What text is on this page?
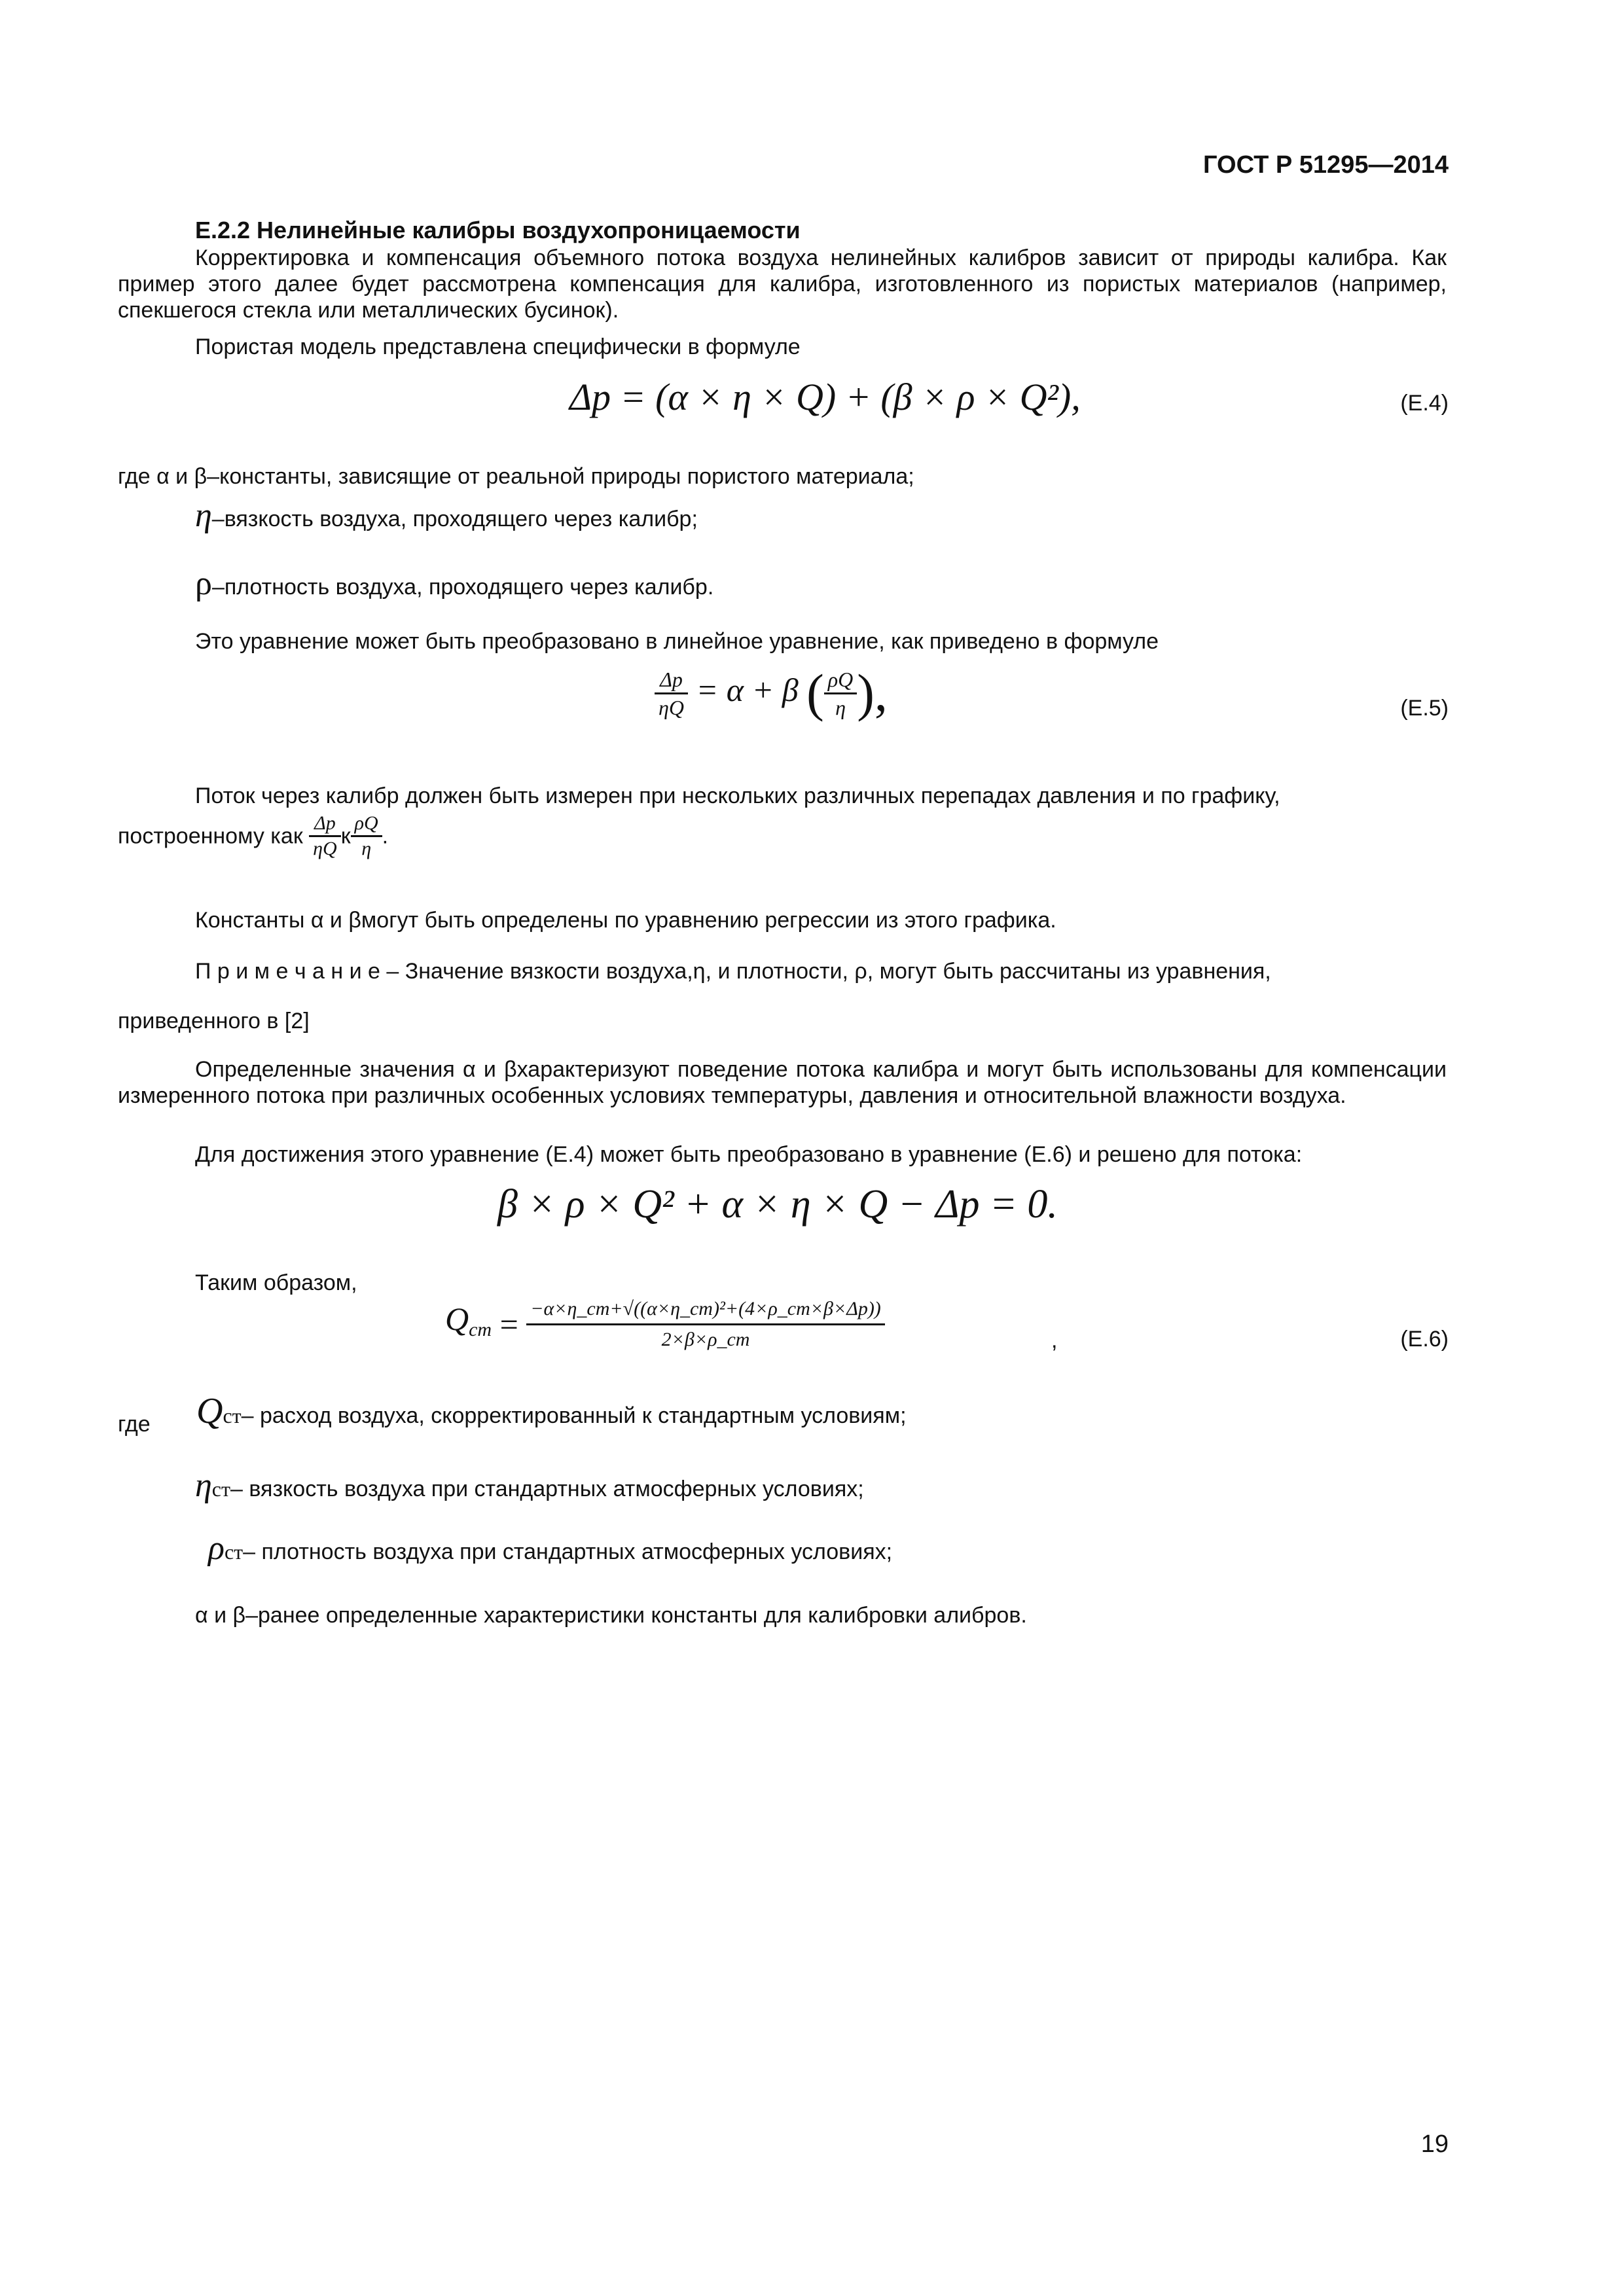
ГОСТ Р 51295—2014
Е.2.2 Нелинейные калибры воздухопроницаемости
Корректировка и компенсация объемного потока воздуха нелинейных калибров зависит от природы калибра. Как пример этого далее будет рассмотрена компенсация для калибра, изготовленного из пористых материалов (например, спекшегося стекла или металлических бусинок).
Пористая модель представлена специфически в формуле
Δp = (α × η × Q) + (β × ρ × Q²),	(Е.4)
где α и β–константы, зависящие от реальной природы пористого материала;
η–вязкость воздуха, проходящего через калибр;
ρ–плотность воздуха, проходящего через калибр.
Это уравнение может быть преобразовано в линейное уравнение, как приведено в формуле
$\frac{\Delta p}{\eta Q} = \alpha + \beta$ ( $\frac{\rho Q}{\eta}$ ),	(Е.5)
Поток через калибр должен быть измерен при нескольких различных перепадах давления и по графику,
построенному как $\frac{\Delta p}{\eta Q}$ к $\frac{\rho Q}{\eta}$ .
Константы α и βмогут быть определены по уравнению регрессии из этого графика.
П р и м е ч а н и е – Значение вязкости воздуха,η, и плотности, ρ, могут быть рассчитаны из уравнения,
приведенного в [2]
Определенные значения α и βхарактеризуют поведение потока калибра и могут быть использованы для компенсации измеренного потока при различных особенных условиях температуры, давления и относительной влажности воздуха.
Для достижения этого уравнение (Е.4) может быть преобразовано в уравнение (Е.6) и решено для потока:
β × ρ × Q² + α × η × Q − Δp = 0.
Таким образом,
$Q_{cm} = \frac{\text{−α×η\_cm+√((α×η\_cm)²+(4×ρ\_cm×β×Δp))}}{2\times\beta\times\rho\_cm}$	,	(Е.6)
где Qст– расход воздуха, скорректированный к стандартным условиям;
ηст– вязкость воздуха при стандартных атмосферных условиях;
ρст– плотность воздуха при стандартных атмосферных условиях;
α и β–ранее определенные характеристики константы для калибровки алибров.
19
